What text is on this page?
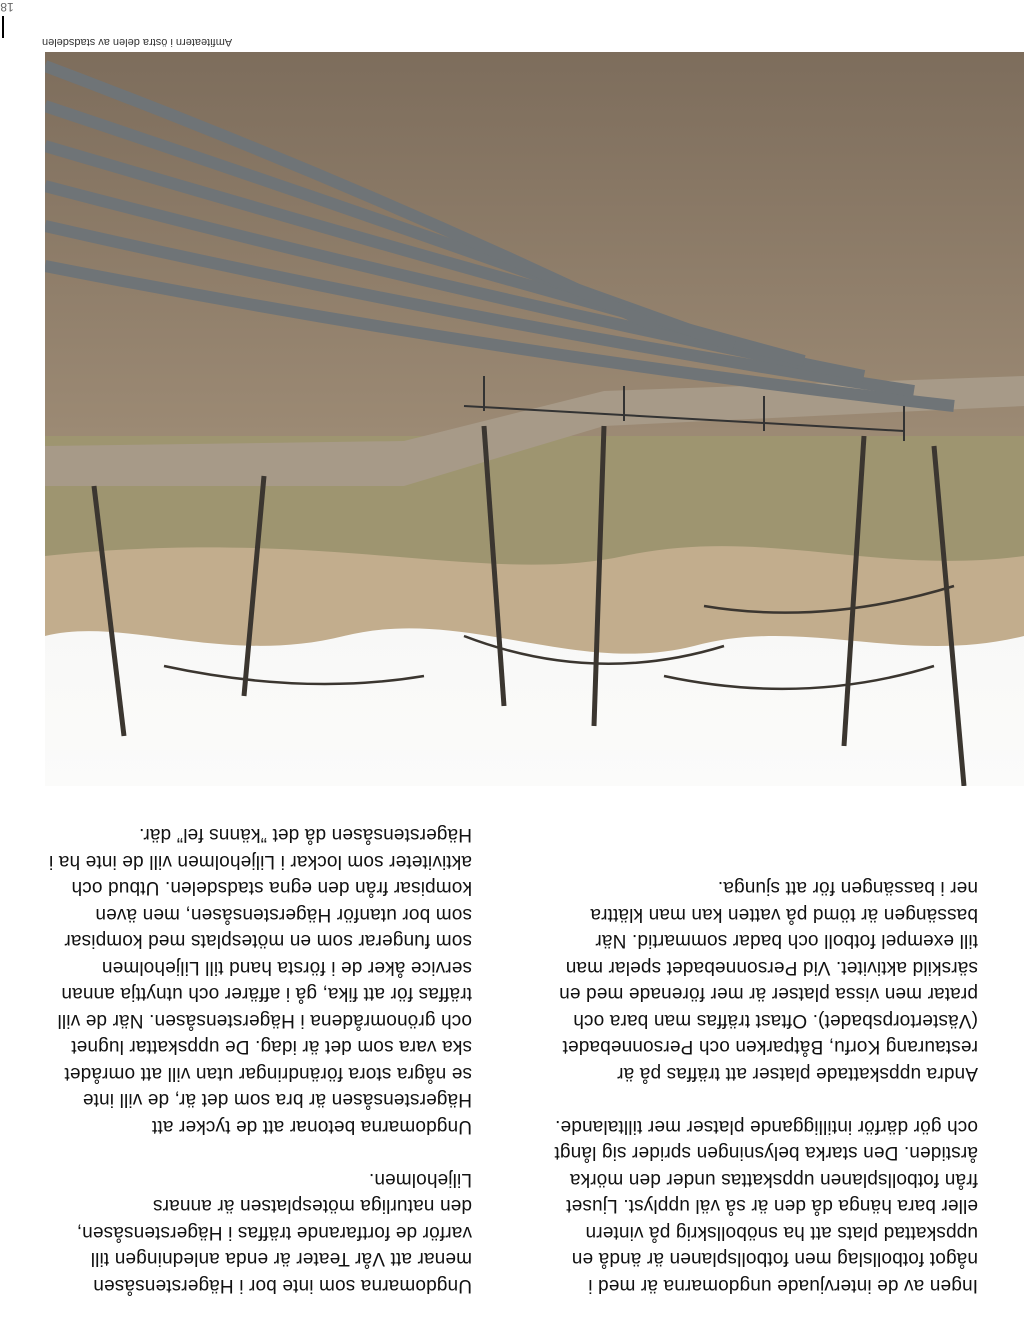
Ungdomarna som inte bor i Hägerstensåsen
menar att Vår Teater är enda anledningen till
varför de fortfarande träffas i Hägerstensåsen,
den naturliga mötesplatsen är annars
Liljeholmen.

Ungdomarna betonar att de tycker att
Hägerstensåsen är bra som det är, de vill inte
se några stora förändringar utan vill att området
ska vara som det är idag. De uppskattar lugnet
och grönområdena i Hägerstensåsen. När de vill
träffas för att fika, gå i affärer och utnyttja annan
service åker de i första hand till Liljeholmen
som fungerar som en mötesplats med kompisar
som bor utanför Hägerstensåsen, men även
kompisar från den egna stadsdelen. Utbud och
aktiviteter som lockar i Liljeholmen vill de inte ha i
Hägerstensåsen då det ”känns fel” där.

Ingen av de intervjuade ungdomarna är med i
något fotbollslag men fotbollsplanen är ändå en
uppskattad plats att ha snöbollskrig på vintern
eller bara hänga då den är så väl upplyst. Ljuset
från fotbollsplanen uppskattas under den mörka
årstiden. Den starka belysningen sprider sig långt
och gör därför intilliggande platser mer tilltalande.

Andra uppskattade platser att träffas på är
restaurang Korfu, Båtparken och Personnebadet
(Västertorpsbadet). Oftast träffas man bara och
pratar men vissa platser är mer förenade med en
särskild aktivitet. Vid Personnebadet spelar man
till exempel fotboll och badar sommartid. När
bassängen är tömd på vatten kan man klättra
ner i bassängen för att sjunga.

Amfiteatern i östra delen av stadsdelen
18
